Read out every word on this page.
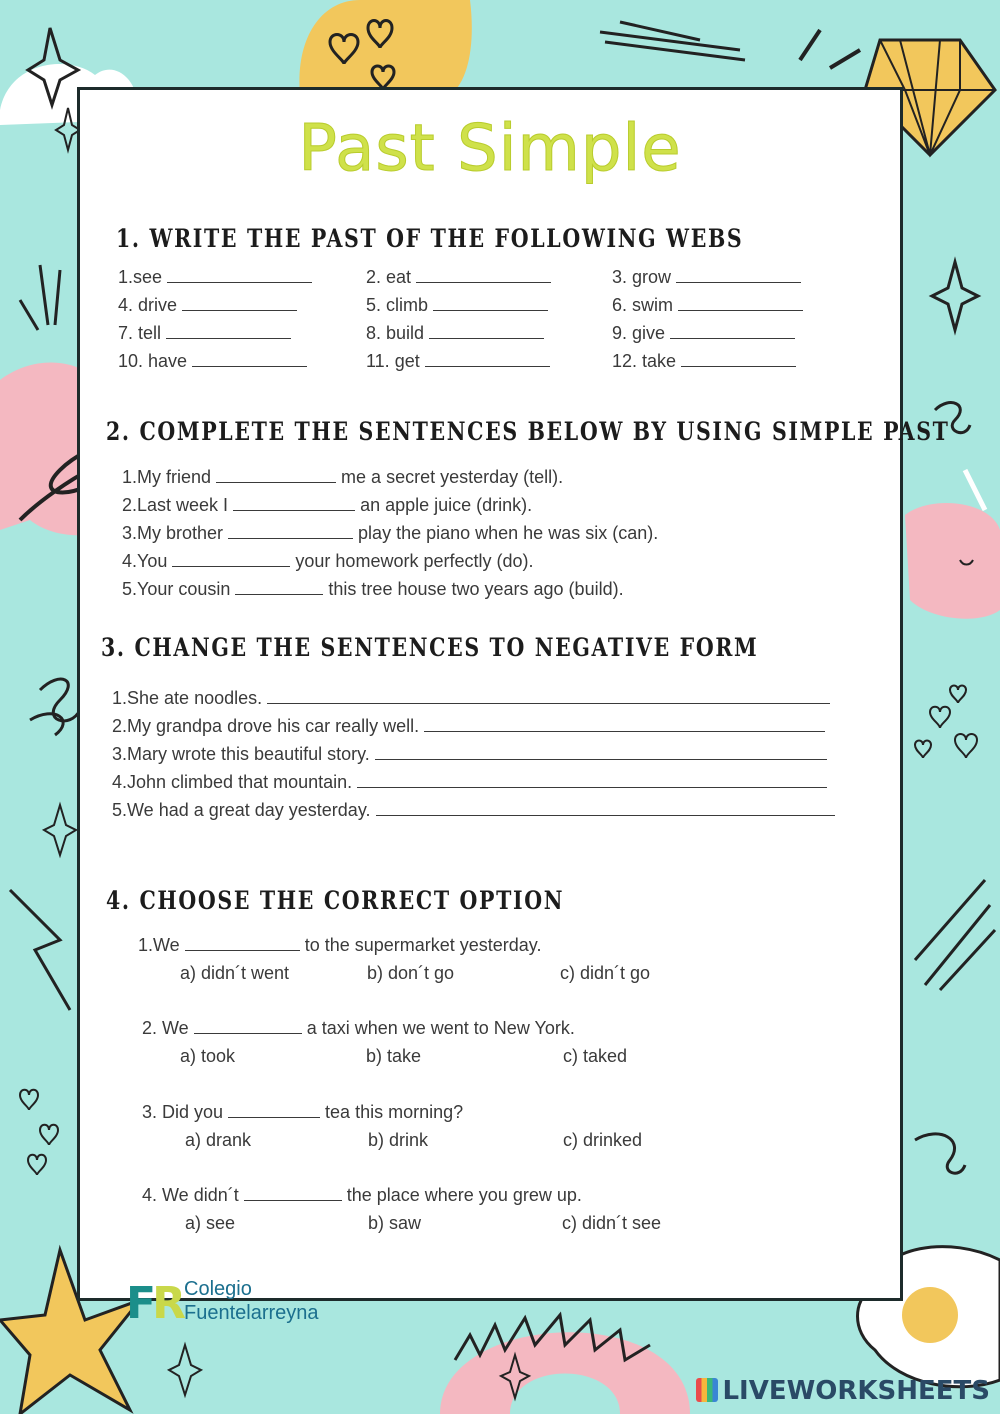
Past Simple
1. WRITE THE PAST OF THE FOLLOWING WEBS
1.see	2. eat	3. grow
4. drive	5. climb	6. swim
7. tell	8. build	9. give
10. have	11. get	12. take
2. COMPLETE THE SENTENCES BELOW BY USING SIMPLE PAST
1.My friend	me a secret yesterday (tell).
2.Last week I	an apple juice (drink).
3.My brother	play the piano when he was six (can).
4.You	your homework perfectly (do).
5.Your cousin	this tree house two years ago (build).
3. CHANGE THE SENTENCES TO NEGATIVE FORM
1.She ate noodles.
2.My grandpa drove his car really well.
3.Mary wrote this beautiful story.
4.John climbed that mountain.
5.We had a great day yesterday.
4. CHOOSE THE CORRECT OPTION
1.We	to the supermarket yesterday.
a) didn´t went	b) don´t go	c) didn´t go
2. We	a taxi when we went to New York.
a) took	b) take	c) taked
3. Did you	tea this morning?
a) drank	b) drink	c) drinked
4. We didn´t	the place where you grew up.
a) see	b) saw	c) didn´t see
FR Colegio
Fuentelarreyna
LIVEWORKSHEETS
